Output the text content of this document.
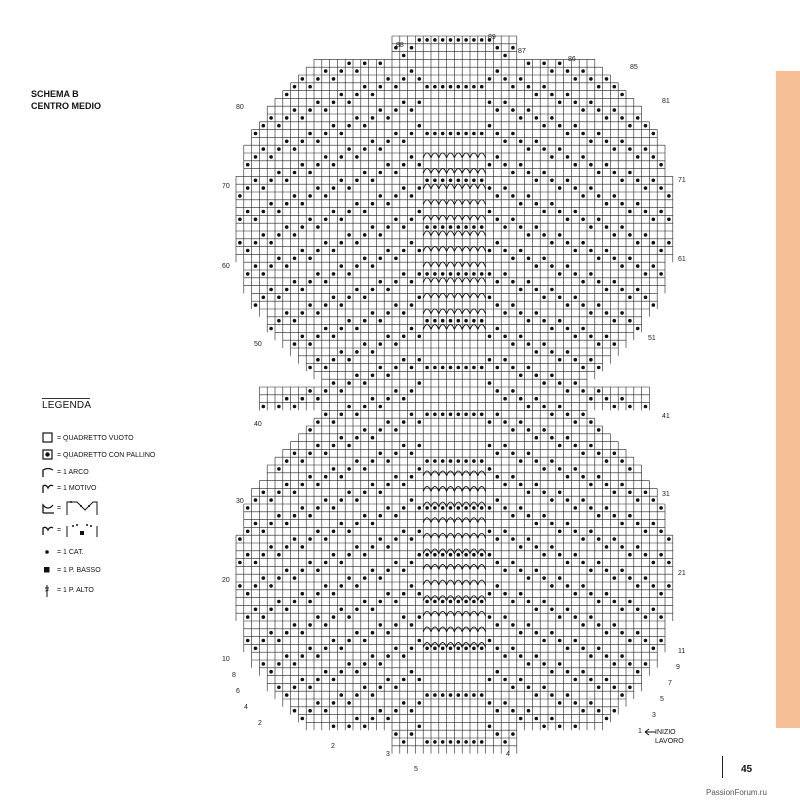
SCHEMA B
CENTRO MEDIO
LEGENDA
= QUADRETTO VUOTO
= QUADRETTO CON PALLINO
= 1 ARCO
= 1 MOTIVO
=
=
= 1 CAT.
= 1 P. BASSO
= 1 P. ALTO
80
70
60
50
40
30
20
10
8
6
4
2
81
71
61
51
41
31
21
11
9
7
5
3
1
88
89
87
86
85
2
3
5
4
INIZIO
LAVORO
45
PassionForum.ru
